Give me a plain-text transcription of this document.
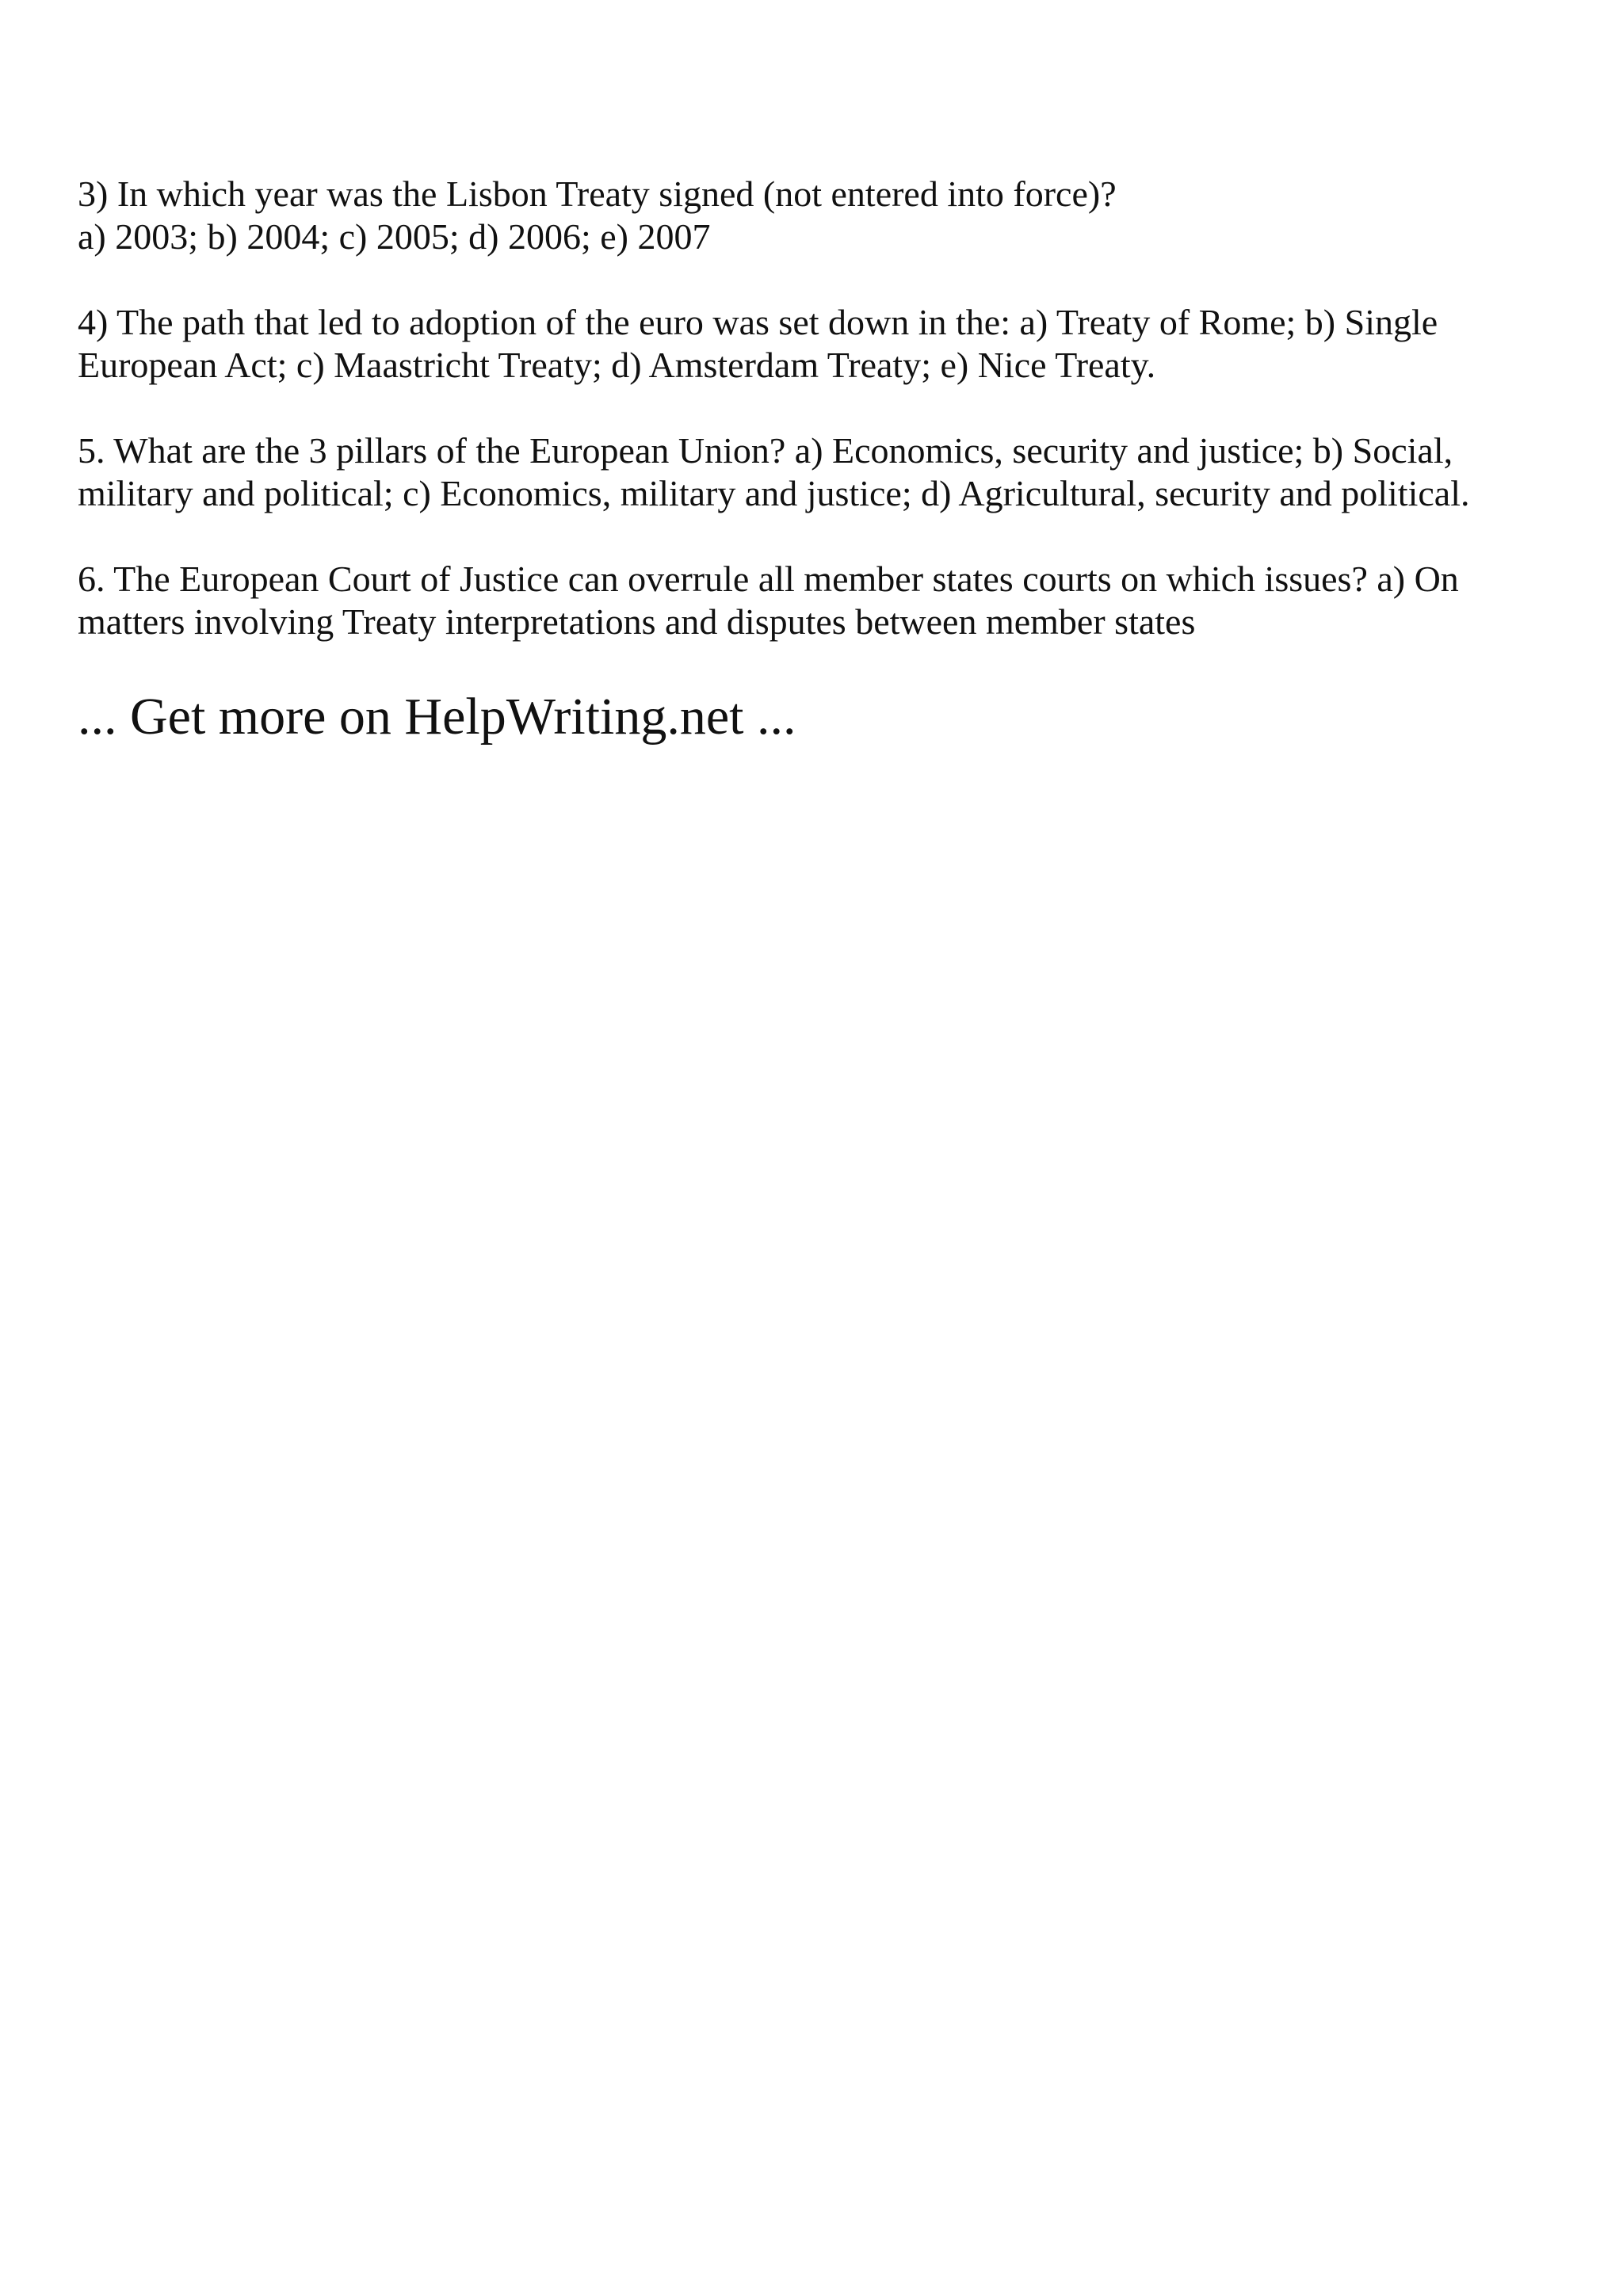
3) In which year was the Lisbon Treaty signed (not entered into force)?
a) 2003; b) 2004; c) 2005; d) 2006; e) 2007
4) The path that led to adoption of the euro was set down in the: a) Treaty of Rome; b) Single
European Act; c) Maastricht Treaty; d) Amsterdam Treaty; e) Nice Treaty.
5. What are the 3 pillars of the European Union? a) Economics, security and justice; b) Social,
military and political; c) Economics, military and justice; d) Agricultural, security and political.
6. The European Court of Justice can overrule all member states courts on which issues? a) On
matters involving Treaty interpretations and disputes between member states
... Get more on HelpWriting.net ...
